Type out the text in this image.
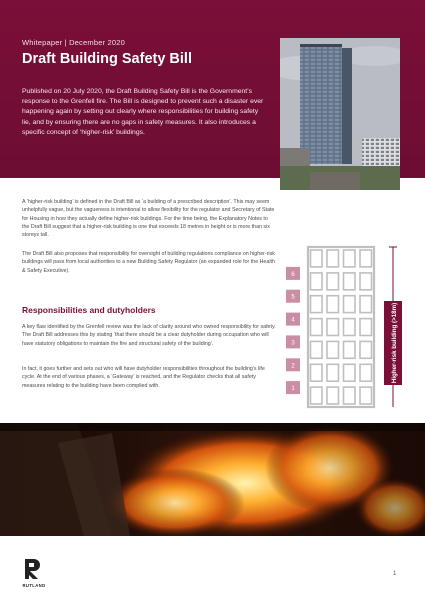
Whitepaper | December 2020
Draft Building Safety Bill
Published on 20 July 2020, the Draft Building Safety Bill is the Government’s response to the Grenfell fire. The Bill is designed to prevent such a disaster ever happening again by setting out clearly where responsibilities for building safety lie, and by ensuring there are no gaps in safety measures. It also introduces a specific concept of ‘higher-risk’ buildings.
A ‘higher-risk building’ is defined in the Draft Bill as ‘a building of a prescribed description’. This may seem unhelpfully vague, but the vagueness is intentional to allow flexibility for the regulator and Secretary of State for Housing in how they actually define higher-risk buildings. For the time being, the Explanatory Notes to the Draft Bill suggest that a higher-risk building is one that exceeds 18 metres in height or is more than six storeys tall.
The Draft Bill also proposes that responsibility for oversight of building regulations compliance on higher-risk buildings will pass from local authorities to a new Building Safety Regulator (an expanded role for the Health & Safety Executive).
Responsibilities and dutyholders
A key flaw identified by the Grenfell review was the lack of clarity around who owned responsibility for safety. The Draft Bill addresses this by stating ‘that there should be a clear dutyholder during occupation who will have statutory obligations to maintain the fire and structural safety of the building’.
In fact, it goes further and sets out who will have dutyholder responsibilities throughout the building’s life cycle. At the end of various phases, a ‘Gateway’ is reached, and the Regulator checks that all safety measures relating to the building have been complied with.
1
2
3
4
5
6
Higher-risk building (>18m)
RUTLAND
1
